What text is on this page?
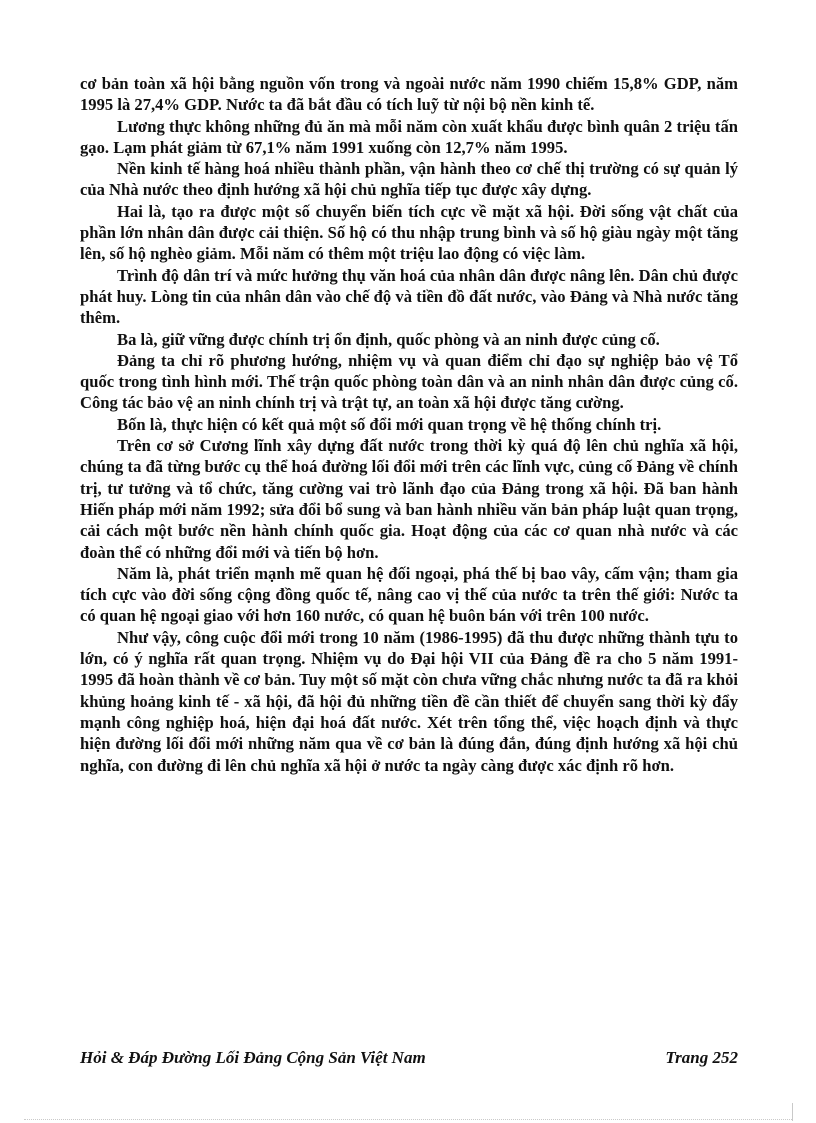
cơ bản toàn xã hội bằng nguồn vốn trong và ngoài nước năm 1990 chiếm 15,8% GDP, năm 1995 là 27,4% GDP. Nước ta đã bắt đầu có tích luỹ từ nội bộ nền kinh tế.

Lương thực không những đủ ăn mà mỗi năm còn xuất khẩu được bình quân 2 triệu tấn gạo. Lạm phát giảm từ 67,1% năm 1991 xuống còn 12,7% năm 1995.

Nền kinh tế hàng hoá nhiều thành phần, vận hành theo cơ chế thị trường có sự quản lý của Nhà nước theo định hướng xã hội chủ nghĩa tiếp tục được xây dựng.

Hai là, tạo ra được một số chuyển biến tích cực về mặt xã hội. Đời sống vật chất của phần lớn nhân dân được cải thiện. Số hộ có thu nhập trung bình và số hộ giàu ngày một tăng lên, số hộ nghèo giảm. Mỗi năm có thêm một triệu lao động có việc làm.

Trình độ dân trí và mức hưởng thụ văn hoá của nhân dân được nâng lên. Dân chủ được phát huy. Lòng tin của nhân dân vào chế độ và tiền đồ đất nước, vào Đảng và Nhà nước tăng thêm.

Ba là, giữ vững được chính trị ổn định, quốc phòng và an ninh được củng cố.

Đảng ta chỉ rõ phương hướng, nhiệm vụ và quan điểm chỉ đạo sự nghiệp bảo vệ Tổ quốc trong tình hình mới. Thế trận quốc phòng toàn dân và an ninh nhân dân được củng cố. Công tác bảo vệ an ninh chính trị và trật tự, an toàn xã hội được tăng cường.

Bốn là, thực hiện có kết quả một số đổi mới quan trọng về hệ thống chính trị.

Trên cơ sở Cương lĩnh xây dựng đất nước trong thời kỳ quá độ lên chủ nghĩa xã hội, chúng ta đã từng bước cụ thể hoá đường lối đổi mới trên các lĩnh vực, củng cố Đảng về chính trị, tư tưởng và tổ chức, tăng cường vai trò lãnh đạo của Đảng trong xã hội. Đã ban hành Hiến pháp mới năm 1992; sửa đổi bổ sung và ban hành nhiều văn bản pháp luật quan trọng, cải cách một bước nền hành chính quốc gia. Hoạt động của các cơ quan nhà nước và các đoàn thể có những đổi mới và tiến bộ hơn.

Năm là, phát triển mạnh mẽ quan hệ đối ngoại, phá thế bị bao vây, cấm vận; tham gia tích cực vào đời sống cộng đồng quốc tế, nâng cao vị thế của nước ta trên thế giới: Nước ta có quan hệ ngoại giao với hơn 160 nước, có quan hệ buôn bán với trên 100 nước.

Như vậy, công cuộc đổi mới trong 10 năm (1986-1995) đã thu được những thành tựu to lớn, có ý nghĩa rất quan trọng. Nhiệm vụ do Đại hội VII của Đảng đề ra cho 5 năm 1991-1995 đã hoàn thành về cơ bản. Tuy một số mặt còn chưa vững chắc nhưng nước ta đã ra khỏi khủng hoảng kinh tế - xã hội, đã hội đủ những tiền đề cần thiết để chuyển sang thời kỳ đẩy mạnh công nghiệp hoá, hiện đại hoá đất nước. Xét trên tổng thể, việc hoạch định và thực hiện đường lối đổi mới những năm qua về cơ bản là đúng đắn, đúng định hướng xã hội chủ nghĩa, con đường đi lên chủ nghĩa xã hội ở nước ta ngày càng được xác định rõ hơn.

Hỏi & Đáp Đường Lối Đảng Cộng Sản Việt Nam	Trang 252
